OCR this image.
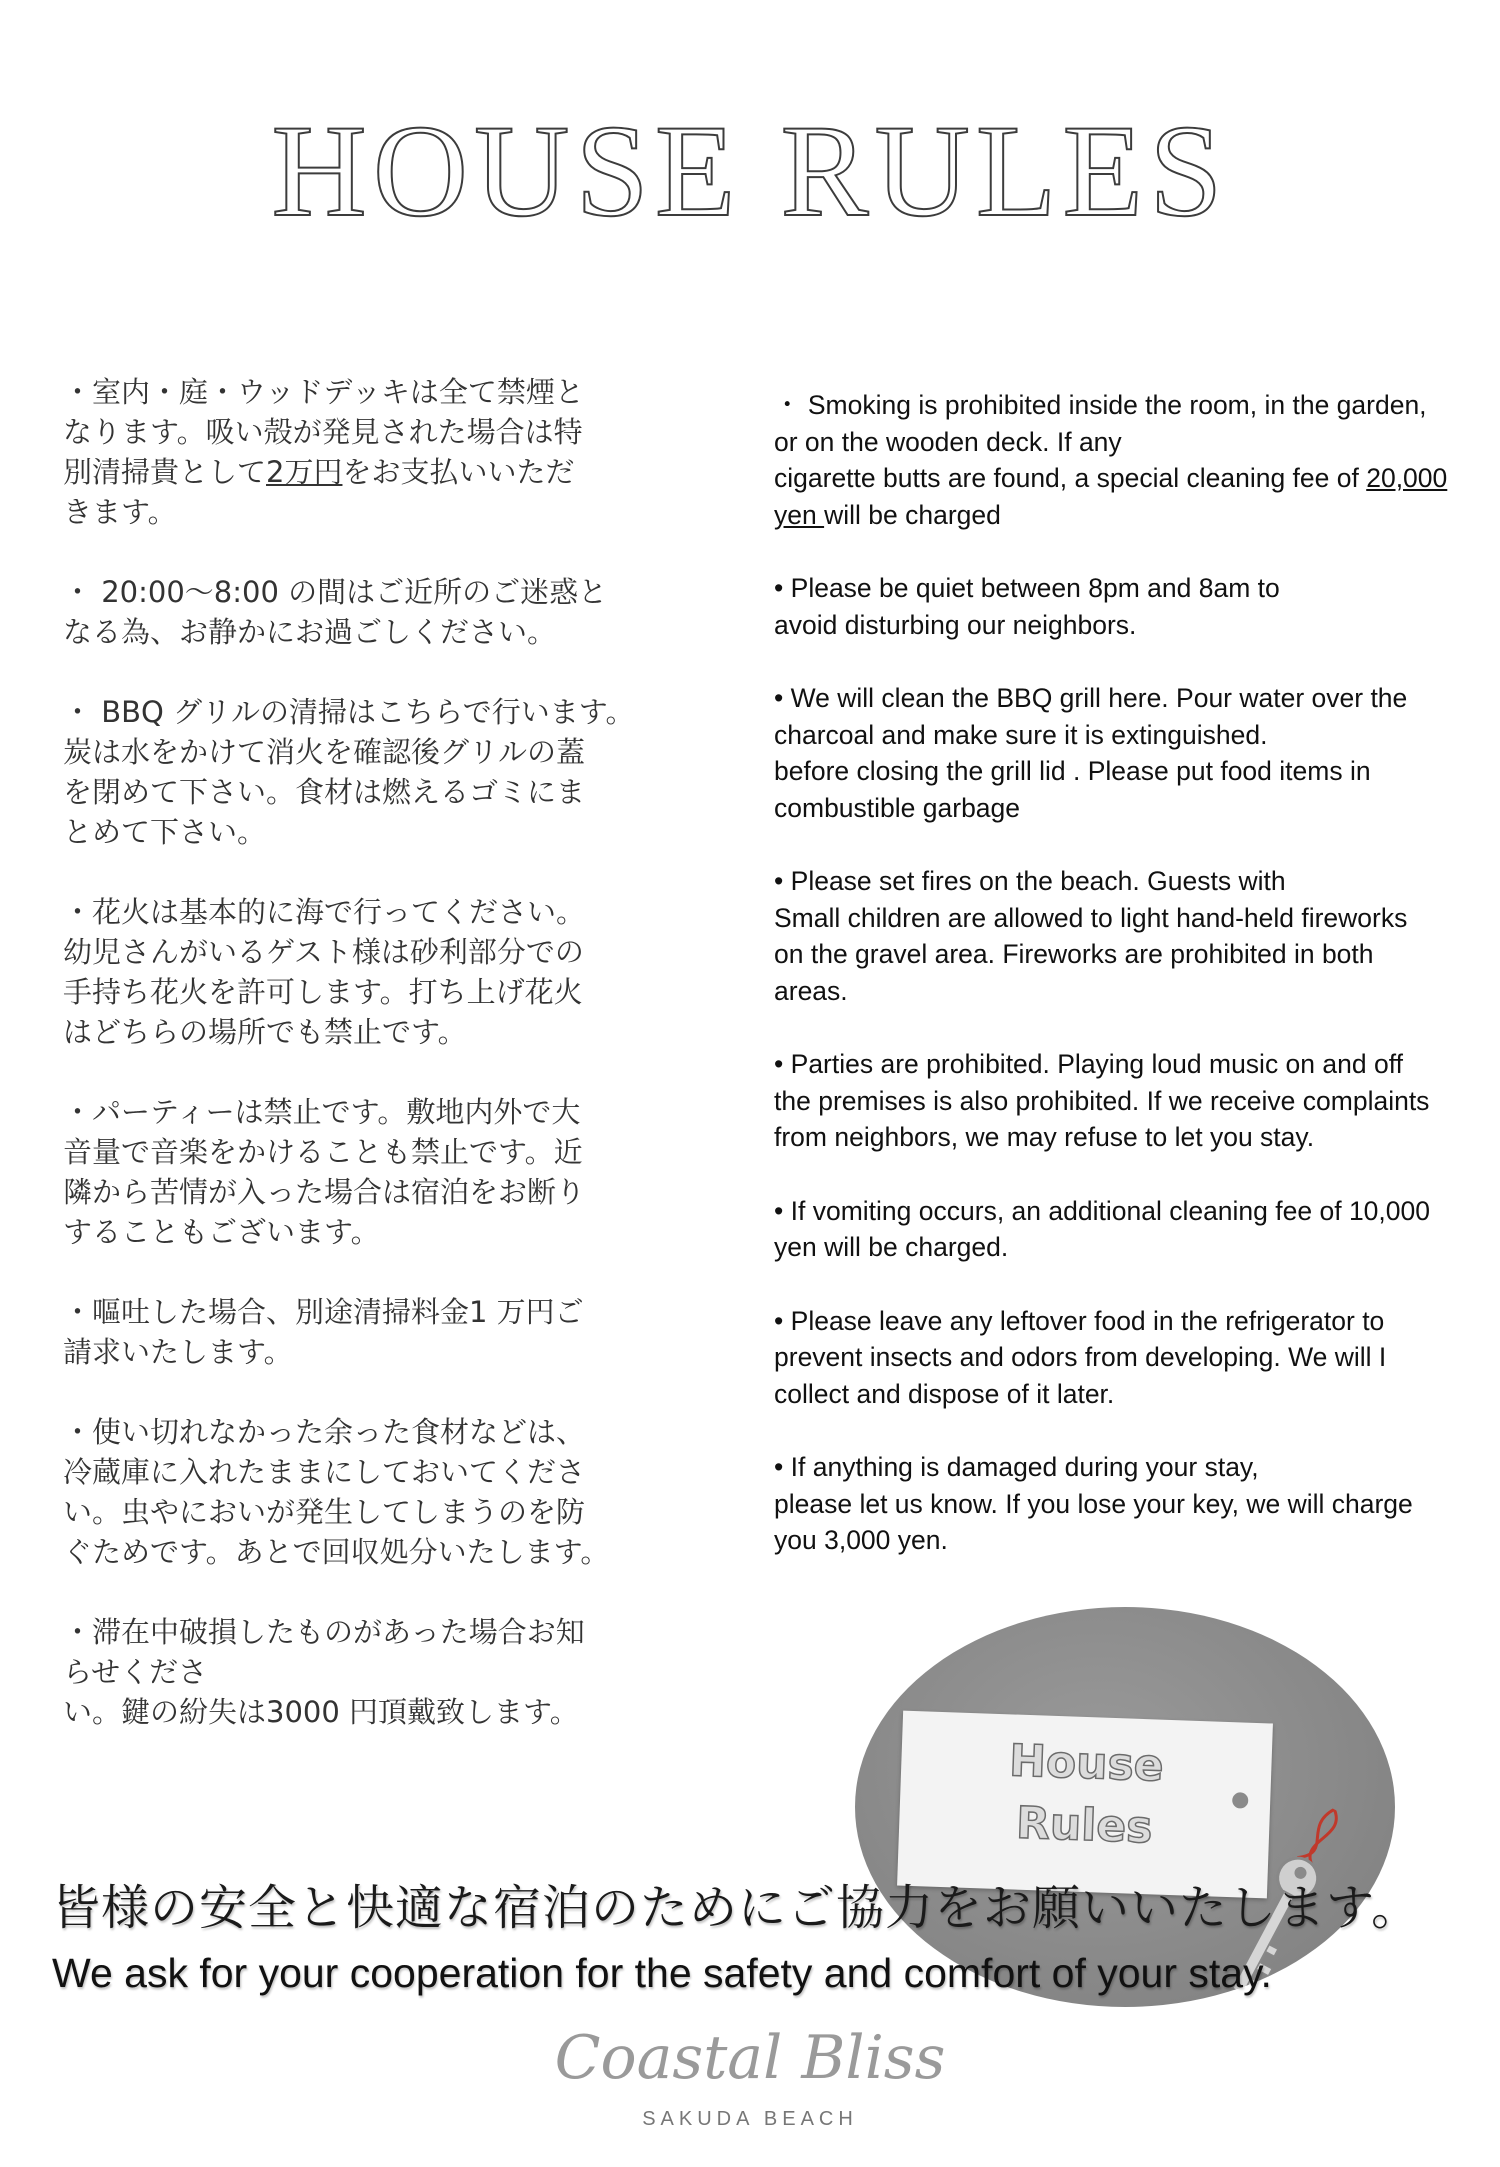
HOUSE RULES
・室内・庭・ウッドデッキは全て禁煙と
なります。吸い殻が発見された場合は特
別清掃貴として2万円をお支払いいただ
きます。
・ 20:00～8:00 の間はご近所のご迷惑と
なる為、お静かにお過ごしください。
・ BBQ グリルの清掃はこちらで行います。
炭は水をかけて消火を確認後グリルの蓋
を閉めて下さい。食材は燃えるゴミにま
とめて下さい。
・花火は基本的に海で行ってください。
幼児さんがいるゲスト様は砂利部分での
手持ち花火を許可します。打ち上げ花火
はどちらの場所でも禁止です。
・パーティーは禁止です。敷地内外で大
音量で音楽をかけることも禁止です。近
隣から苦情が入った場合は宿泊をお断り
することもございます。
・嘔吐した場合、別途清掃料金1 万円ご
請求いたします。
・使い切れなかった余った食材などは、
冷蔵庫に入れたままにしておいてくださ
い。虫やにおいが発生してしまうのを防
ぐためです。あとで回収処分いたします。
・滞在中破損したものがあった場合お知
らせくださ
い。鍵の紛失は3000 円頂戴致します。
・ Smoking is prohibited inside the room, in the garden,
or on the wooden deck. If any
cigarette butts are found, a special cleaning fee of 20,000
yen will be charged
• Please be quiet between 8pm and 8am to
avoid disturbing our neighbors.
• We will clean the BBQ grill here. Pour water over the
charcoal and make sure it is extinguished.
before closing the grill lid . Please put food items in
combustible garbage
• Please set fires on the beach. Guests with
Small children are allowed to light hand-held fireworks
on the gravel area. Fireworks are prohibited in both
areas.
• Parties are prohibited. Playing loud music on and off
the premises is also prohibited. If we receive complaints
from neighbors, we may refuse to let you stay.
• If vomiting occurs, an additional cleaning fee of 10,000
yen will be charged.
• Please leave any leftover food in the refrigerator to
prevent insects and odors from developing. We will I
collect and dispose of it later.
• If anything is damaged during your stay,
please let us know. If you lose your key, we will charge
you 3,000 yen.
House
Rules
皆様の安全と快適な宿泊のためにご協力をお願いいたします。
We ask for your cooperation for the safety and comfort of your stay.
Coastal Bliss
SAKUDA BEACH
